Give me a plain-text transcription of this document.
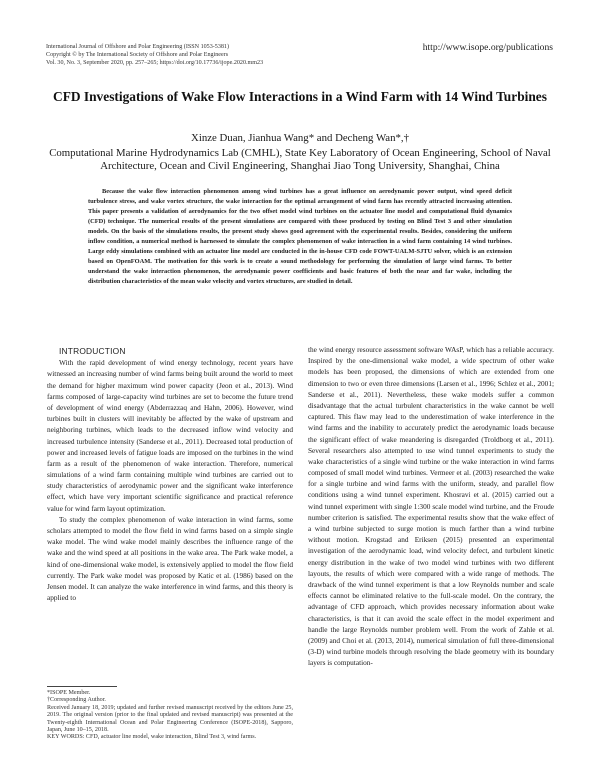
International Journal of Offshore and Polar Engineering (ISSN 1053-5381)
Copyright © by The International Society of Offshore and Polar Engineers
Vol. 30, No. 3, September 2020, pp. 257–265; https://doi.org/10.17736/ijope.2020.mm23
http://www.isope.org/publications
CFD Investigations of Wake Flow Interactions in a Wind Farm with 14 Wind Turbines
Xinze Duan, Jianhua Wang* and Decheng Wan*,†
Computational Marine Hydrodynamics Lab (CMHL), State Key Laboratory of Ocean Engineering, School of Naval Architecture, Ocean and Civil Engineering, Shanghai Jiao Tong University, Shanghai, China
Because the wake flow interaction phenomenon among wind turbines has a great influence on aerodynamic power output, wind speed deficit turbulence stress, and wake vortex structure, the wake interaction for the optimal arrangement of wind farm has recently attracted increasing attention. This paper presents a validation of aerodynamics for the two offset model wind turbines on the actuator line model and computational fluid dynamics (CFD) technique. The numerical results of the present simulations are compared with those produced by testing on Blind Test 3 and other simulation models. On the basis of the simulations results, the present study shows good agreement with the experimental results. Besides, considering the uniform inflow condition, a numerical method is harnessed to simulate the complex phenomenon of wake interaction in a wind farm containing 14 wind turbines. Large eddy simulations combined with an actuator line model are conducted in the in-house CFD code FOWT-UALM-SJTU solver, which is an extension based on OpenFOAM. The motivation for this work is to create a sound methodology for performing the simulation of large wind farms. To better understand the wake interaction phenomenon, the aerodynamic power coefficients and basic features of both the near and far wake, including the distribution characteristics of the mean wake velocity and vortex structures, are studied in detail.

INTRODUCTION

With the rapid development of wind energy technology, recent years have witnessed an increasing number of wind farms being built around the world to meet the demand for higher maximum wind power capacity (Jeon et al., 2013). Wind farms composed of large-capacity wind turbines are set to become the future trend of development of wind energy (Abderrazzaq and Hahn, 2006). However, wind turbines built in clusters will inevitably be affected by the wake of upstream and neighboring turbines, which leads to the decreased inflow wind velocity and increased turbulence intensity (Sanderse et al., 2011). Decreased total production of power and increased levels of fatigue loads are imposed on the turbines in the wind farm as a result of the phenomenon of wake interaction. Therefore, numerical simulations of a wind farm containing multiple wind turbines are carried out to study characteristics of aerodynamic power and the significant wake interference effect, which have very important scientific significance and practical reference value for wind farm layout optimization.

To study the complex phenomenon of wake interaction in wind farms, some scholars attempted to model the flow field in wind farms based on a simple single wake model. The wind wake model mainly describes the influence range of the wake and the wind speed at all positions in the wake area. The Park wake model, a kind of one-dimensional wake model, is extensively applied to model the flow field currently. The Park wake model was proposed by Katic et al. (1986) based on the Jensen model. It can analyze the wake interference in wind farms, and this theory is applied to

the wind energy resource assessment software WAsP, which has a reliable accuracy. Inspired by the one-dimensional wake model, a wide spectrum of other wake models has been proposed, the dimensions of which are extended from one dimension to two or even three dimensions (Larsen et al., 1996; Schlez et al., 2001; Sanderse et al., 2011). Nevertheless, these wake models suffer a common disadvantage that the actual turbulent characteristics in the wake cannot be well captured. This flaw may lead to the underestimation of wake interference in the wind farms and the inability to accurately predict the aerodynamic loads because the significant effect of wake meandering is disregarded (Troldborg et al., 2011). Several researchers also attempted to use wind tunnel experiments to study the wake characteristics of a single wind turbine or the wake interaction in wind farms composed of small model wind turbines. Vermeer et al. (2003) researched the wake for a single turbine and wind farms with the uniform, steady, and parallel flow conditions using a wind tunnel experiment. Khosravi et al. (2015) carried out a wind tunnel experiment with single 1:300 scale model wind turbine, and the Froude number criterion is satisfied. The experimental results show that the wake effect of a wind turbine subjected to surge motion is much farther than a wind turbine without motion. Krogstad and Eriksen (2015) presented an experimental investigation of the aerodynamic load, wind velocity defect, and turbulent kinetic energy distribution in the wake of two model wind turbines with two different layouts, the results of which were compared with a wide range of methods. The drawback of the wind tunnel experiment is that a low Reynolds number and scale effects cannot be eliminated relative to the full-scale model. On the contrary, the advantage of CFD approach, which provides necessary information about wake characteristics, is that it can avoid the scale effect in the model experiment and handle the large Reynolds number problem well. From the work of Zahle et al. (2009) and Choi et al. (2013, 2014), numerical simulation of full three-dimensional (3-D) wind turbine models through resolving the blade geometry with its boundary layers is computation-

*ISOPE Member.
†Corresponding Author.
Received January 18, 2019; updated and further revised manuscript received by the editors June 25, 2019. The original version (prior to the final updated and revised manuscript) was presented at the Twenty-eighth International Ocean and Polar Engineering Conference (ISOPE-2018), Sapporo, Japan, June 10–15, 2018.
KEY WORDS: CFD, actuator line model, wake interaction, Blind Test 3, wind farms.
